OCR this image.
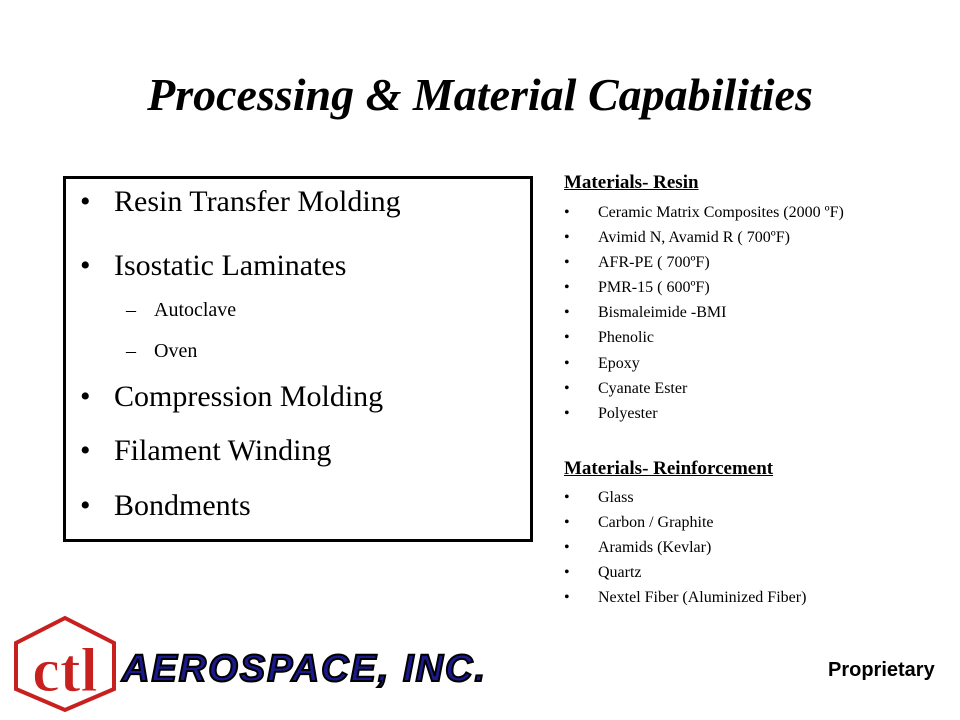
Processing & Material Capabilities
• Resin Transfer Molding
• Isostatic Laminates
– Autoclave
– Oven
• Compression Molding
• Filament Winding
• Bondments
Materials- Resin
• Ceramic Matrix Composites (2000 ºF)
• Avimid N, Avamid R ( 700ºF)
• AFR-PE ( 700ºF)
• PMR-15 ( 600ºF)
• Bismaleimide -BMI
• Phenolic
• Epoxy
• Cyanate Ester
• Polyester
Materials- Reinforcement
• Glass
• Carbon / Graphite
• Aramids (Kevlar)
• Quartz
• Nextel Fiber (Aluminized Fiber)
ctl AEROSPACE, INC.	Proprietary
